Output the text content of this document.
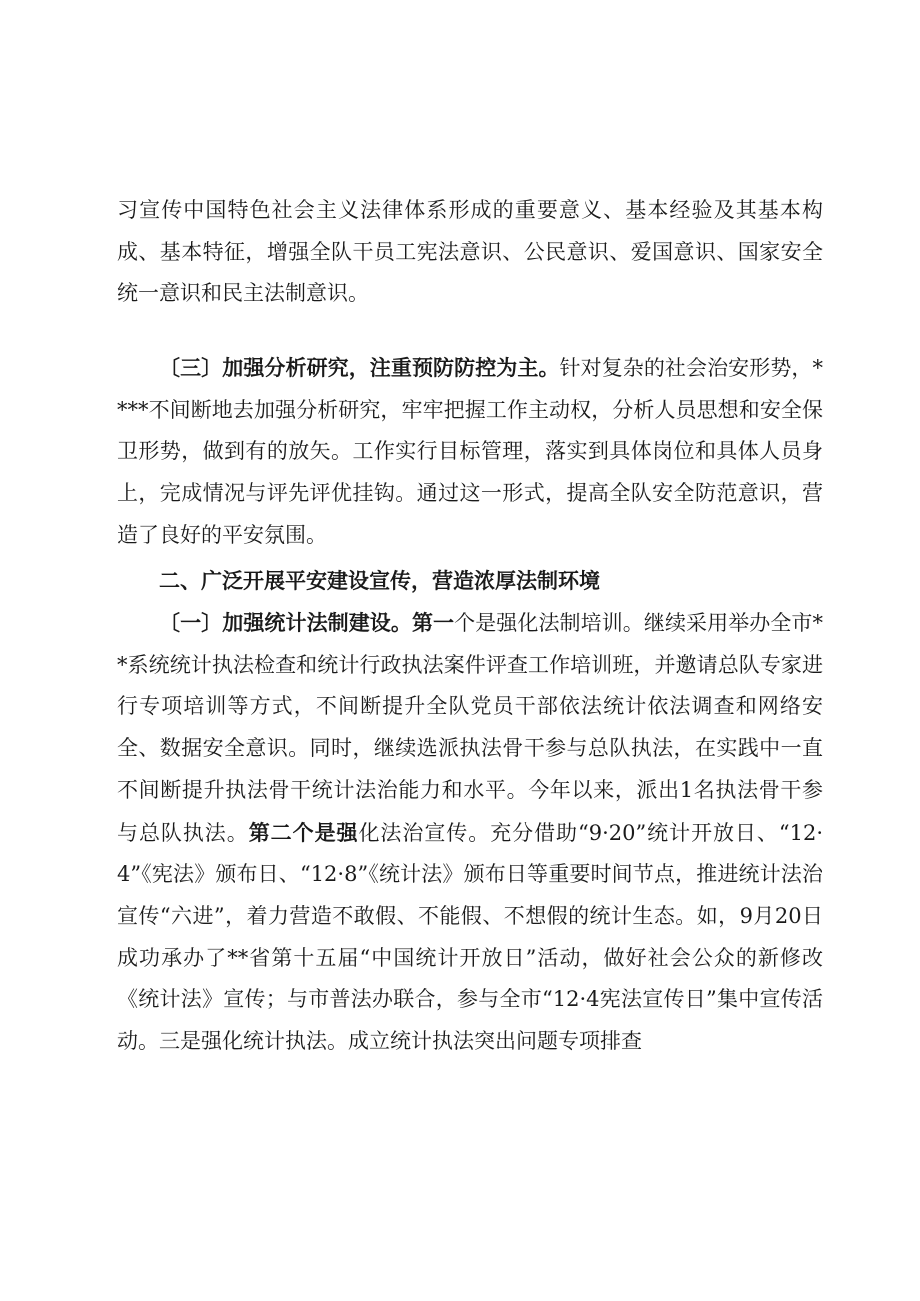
习宣传中国特色社会主义法律体系形成的重要意义、基本经验及其基本构成、基本特征，增强全队干员工宪法意识、公民意识、爱国意识、国家安全统一意识和民主法制意识。

〔三〕加强分析研究，注重预防防控为主。针对复杂的社会治安形势，****不间断地去加强分析研究，牢牢把握工作主动权，分析人员思想和安全保卫形势，做到有的放矢。工作实行目标管理，落实到具体岗位和具体人员身上，完成情况与评先评优挂钩。通过这一形式，提高全队安全防范意识，营造了良好的平安氛围。

二、广泛开展平安建设宣传，营造浓厚法制环境

〔一〕加强统计法制建设。第一个是强化法制培训。继续采用举办全市**系统统计执法检查和统计行政执法案件评查工作培训班，并邀请总队专家进行专项培训等方式，不间断提升全队党员干部依法统计依法调查和网络安全、数据安全意识。同时，继续选派执法骨干参与总队执法，在实践中一直不间断提升执法骨干统计法治能力和水平。今年以来，派出1名执法骨干参与总队执法。第二个是强化法治宣传。充分借助“9·20”统计开放日、“12·4”《宪法》颁布日、“12·8”《统计法》颁布日等重要时间节点，推进统计法治宣传“六进”，着力营造不敢假、不能假、不想假的统计生态。如，9月20日成功承办了**省第十五届“中国统计开放日”活动，做好社会公众的新修改《统计法》宣传；与市普法办联合，参与全市“12·4宪法宣传日”集中宣传活动。三是强化统计执法。成立统计执法突出问题专项排查
